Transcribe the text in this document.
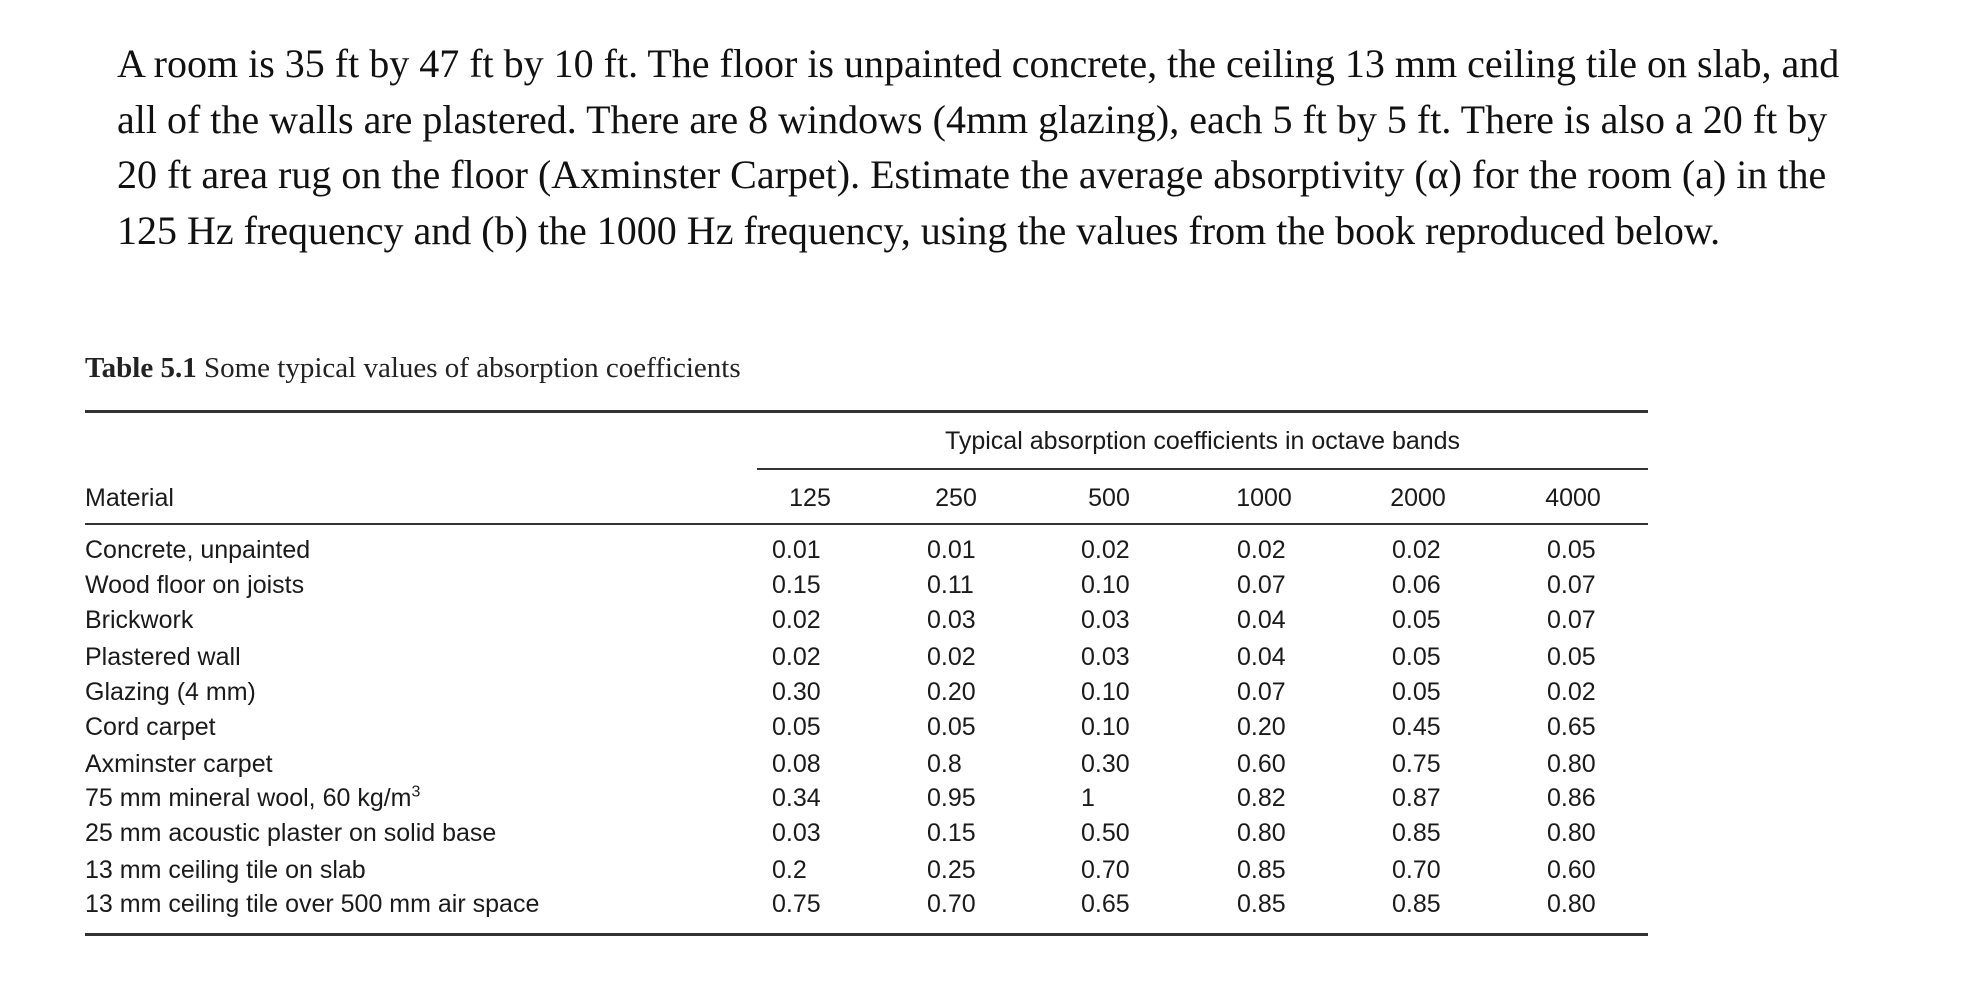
A room is 35 ft by 47 ft by 10 ft. The floor is unpainted concrete, the ceiling 13 mm ceiling tile on slab, and
all of the walls are plastered. There are 8 windows (4mm glazing), each 5 ft by 5 ft. There is also a 20 ft by
20 ft area rug on the floor (Axminster Carpet). Estimate the average absorptivity (α) for the room (a) in the
125 Hz frequency and (b) the 1000 Hz frequency, using the values from the book reproduced below.
Table 5.1 Some typical values of absorption coefficients
Typical absorption coefficients in octave bands
Material	125	250	500	1000	2000	4000
Concrete, unpainted	0.01	0.01	0.02	0.02	0.02	0.05
Wood floor on joists	0.15	0.11	0.10	0.07	0.06	0.07
Brickwork	0.02	0.03	0.03	0.04	0.05	0.07
Plastered wall	0.02	0.02	0.03	0.04	0.05	0.05
Glazing (4 mm)	0.30	0.20	0.10	0.07	0.05	0.02
Cord carpet	0.05	0.05	0.10	0.20	0.45	0.65
Axminster carpet	0.08	0.8	0.30	0.60	0.75	0.80
75 mm mineral wool, 60 $kg/m^3$	0.34	0.95	1	0.82	0.87	0.86
25 mm acoustic plaster on solid base	0.03	0.15	0.50	0.80	0.85	0.80
13 mm ceiling tile on slab	0.2	0.25	0.70	0.85	0.70	0.60
13 mm ceiling tile over 500 mm air space	0.75	0.70	0.65	0.85	0.85	0.80
